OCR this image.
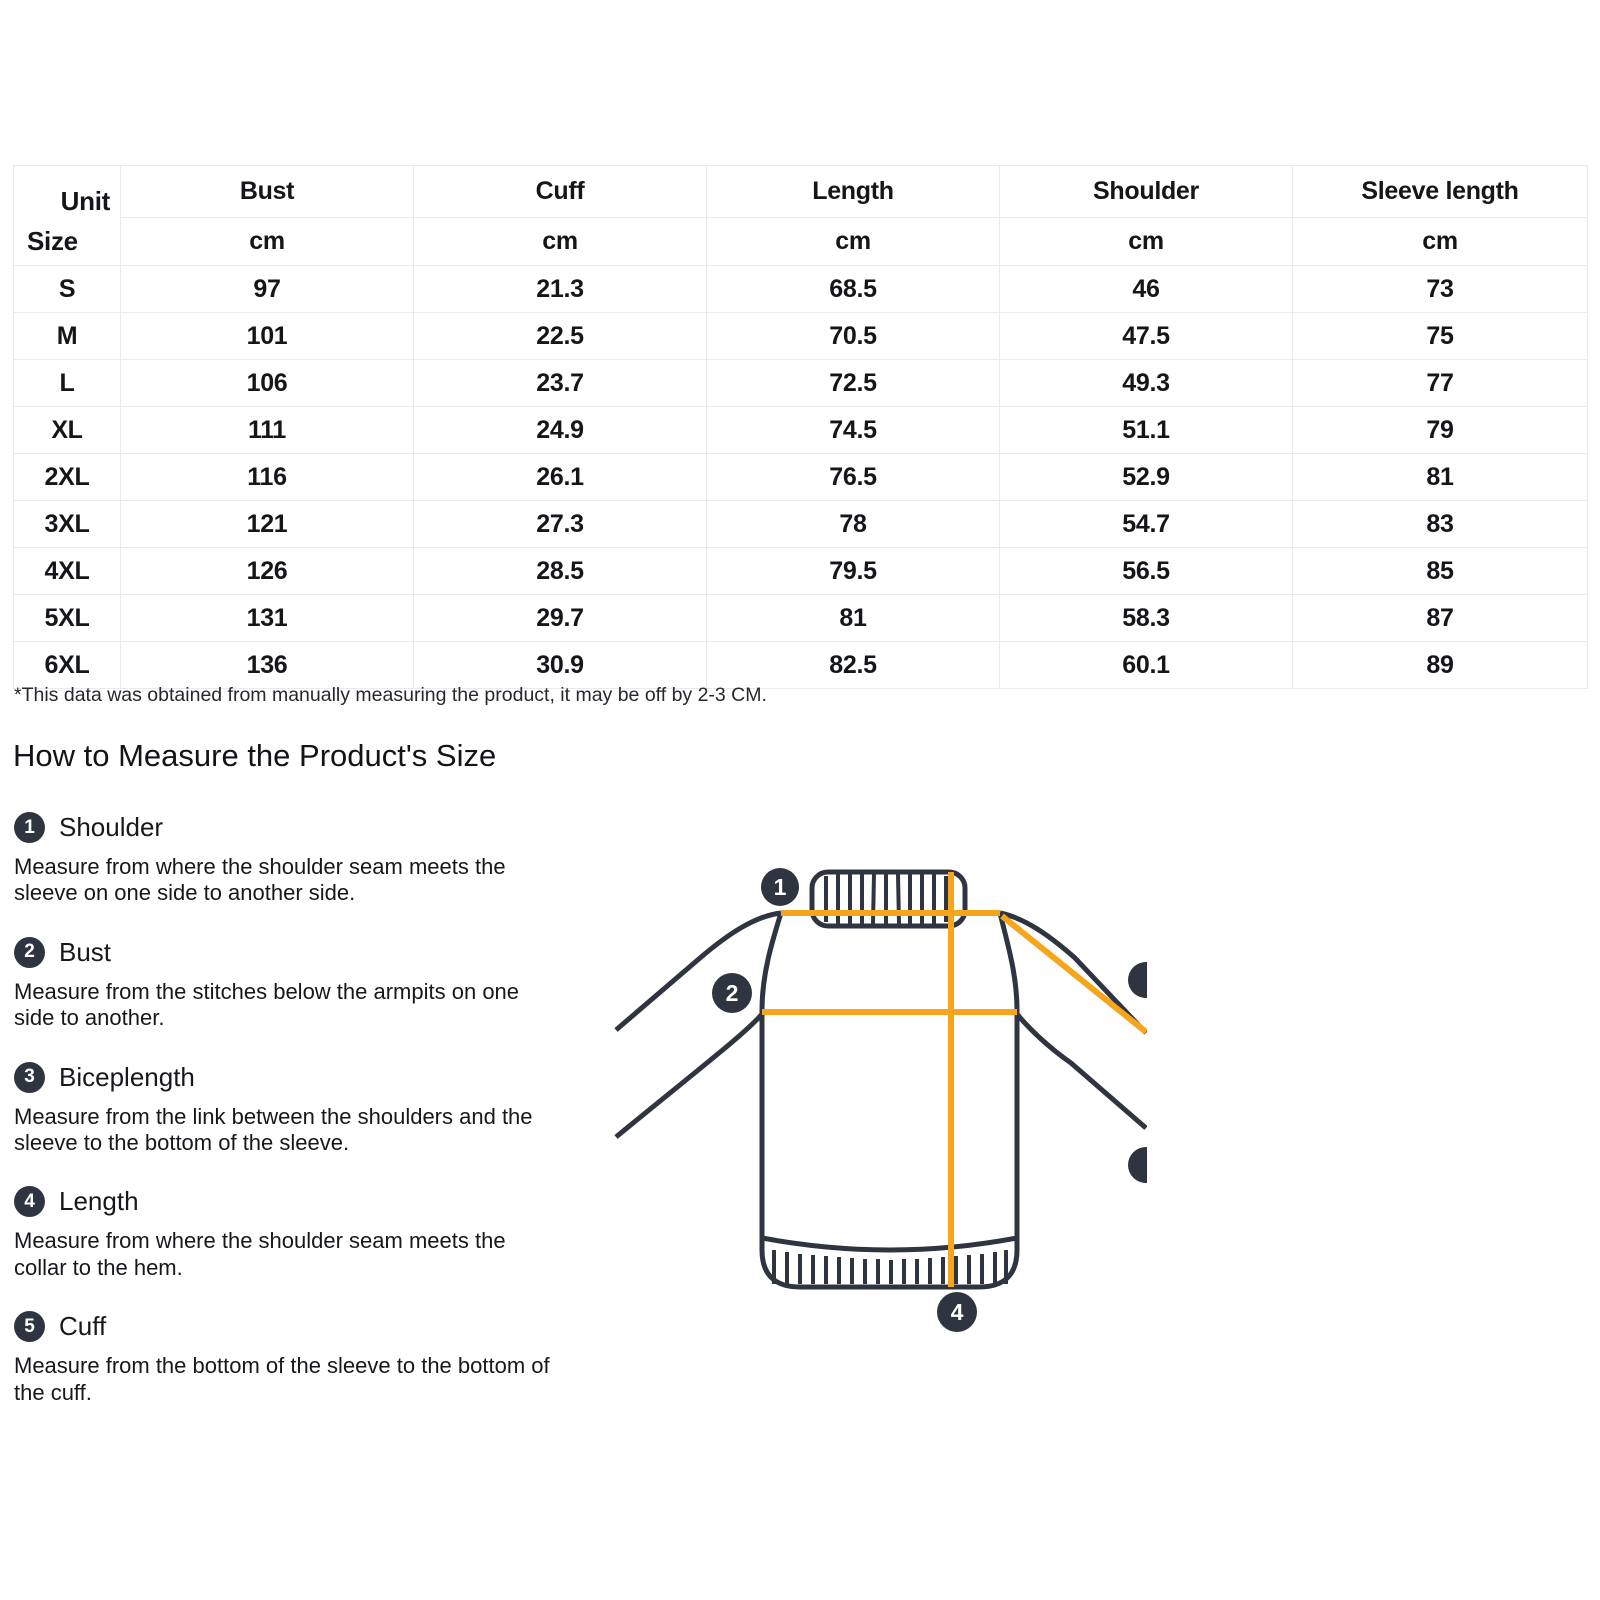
Unit
Size	Bust	Cuff	Length	Shoulder	Sleeve length
	cm	cm	cm	cm	cm
S	97	21.3	68.5	46	73
M	101	22.5	70.5	47.5	75
L	106	23.7	72.5	49.3	77
XL	111	24.9	74.5	51.1	79
2XL	116	26.1	76.5	52.9	81
3XL	121	27.3	78	54.7	83
4XL	126	28.5	79.5	56.5	85
5XL	131	29.7	81	58.3	87
6XL	136	30.9	82.5	60.1	89
*This data was obtained from manually measuring the product, it may be off by 2-3 CM.
How to Measure the Product's Size
1 Shoulder

Measure from where the shoulder seam meets the sleeve on one side to another side.

2 Bust

Measure from the stitches below the armpits on one side to another.

3 Biceplength

Measure from the link between the shoulders and the sleeve to the bottom of the sleeve.

4 Length

Measure from where the shoulder seam meets the collar to the hem.

5 Cuff

Measure from the bottom of the sleeve to the bottom of the cuff.

1
2
4
